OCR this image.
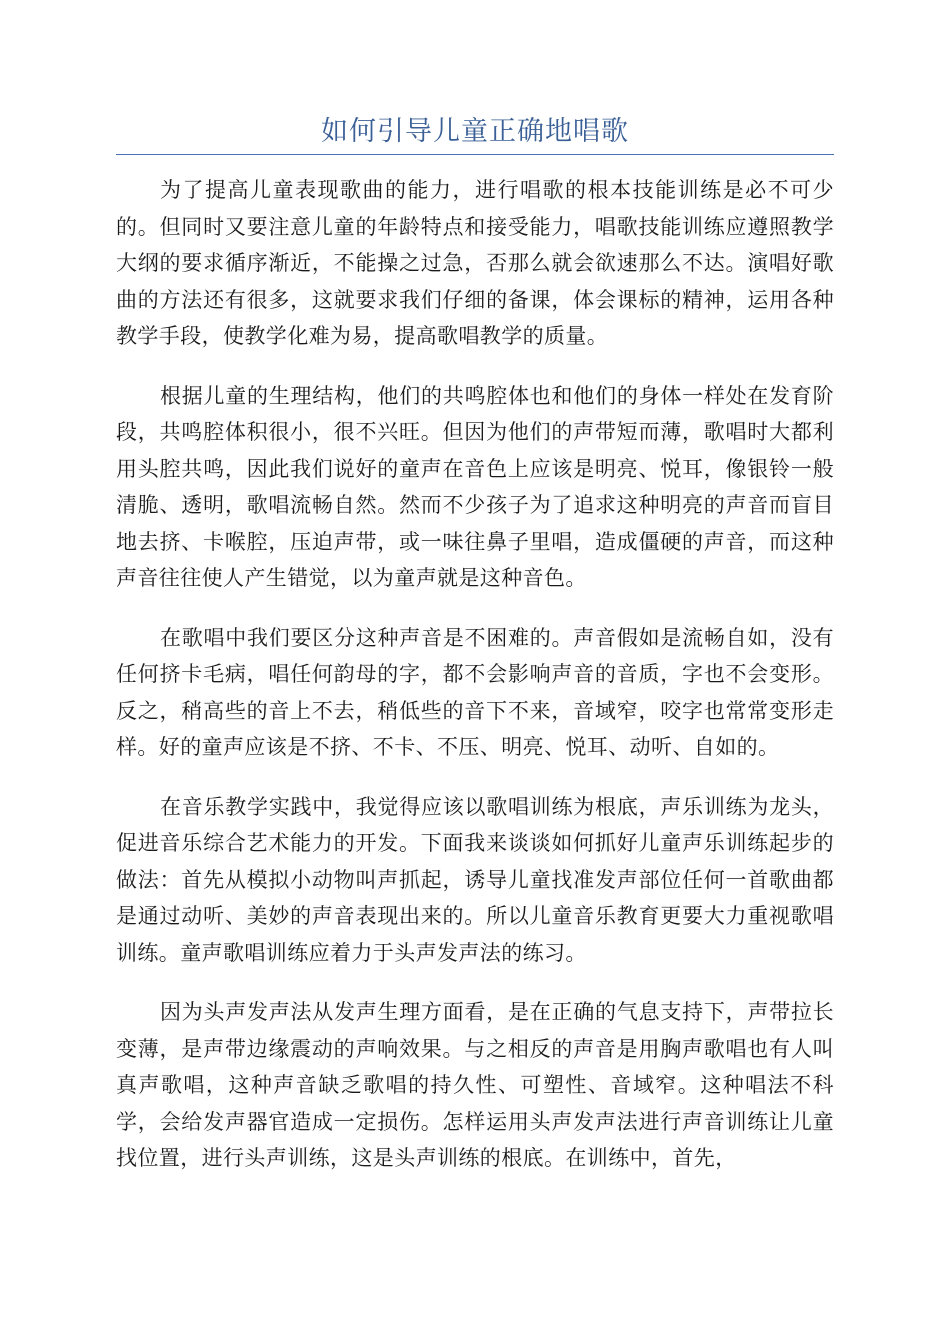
如何引导儿童正确地唱歌

为了提高儿童表现歌曲的能力，进行唱歌的根本技能训练是必不可少的。但同时又要注意儿童的年龄特点和接受能力，唱歌技能训练应遵照教学大纲的要求循序渐近，不能操之过急，否那么就会欲速那么不达。演唱好歌曲的方法还有很多，这就要求我们仔细的备课，体会课标的精神，运用各种教学手段，使教学化难为易，提高歌唱教学的质量。

根据儿童的生理结构，他们的共鸣腔体也和他们的身体一样处在发育阶段，共鸣腔体积很小，很不兴旺。但因为他们的声带短而薄，歌唱时大都利用头腔共鸣，因此我们说好的童声在音色上应该是明亮、悦耳，像银铃一般清脆、透明，歌唱流畅自然。然而不少孩子为了追求这种明亮的声音而盲目地去挤、卡喉腔，压迫声带，或一味往鼻子里唱，造成僵硬的声音，而这种声音往往使人产生错觉，以为童声就是这种音色。

在歌唱中我们要区分这种声音是不困难的。声音假如是流畅自如，没有任何挤卡毛病，唱任何韵母的字，都不会影响声音的音质，字也不会变形。反之，稍高些的音上不去，稍低些的音下不来，音域窄，咬字也常常变形走样。好的童声应该是不挤、不卡、不压、明亮、悦耳、动听、自如的。

在音乐教学实践中，我觉得应该以歌唱训练为根底，声乐训练为龙头，促进音乐综合艺术能力的开发。下面我来谈谈如何抓好儿童声乐训练起步的做法：首先从模拟小动物叫声抓起，诱导儿童找准发声部位任何一首歌曲都是通过动听、美妙的声音表现出来的。所以儿童音乐教育更要大力重视歌唱训练。童声歌唱训练应着力于头声发声法的练习。

因为头声发声法从发声生理方面看，是在正确的气息支持下，声带拉长变薄，是声带边缘震动的声响效果。与之相反的声音是用胸声歌唱也有人叫真声歌唱，这种声音缺乏歌唱的持久性、可塑性、音域窄。这种唱法不科学，会给发声器官造成一定损伤。怎样运用头声发声法进行声音训练让儿童找位置，进行头声训练，这是头声训练的根底。在训练中，首先，
